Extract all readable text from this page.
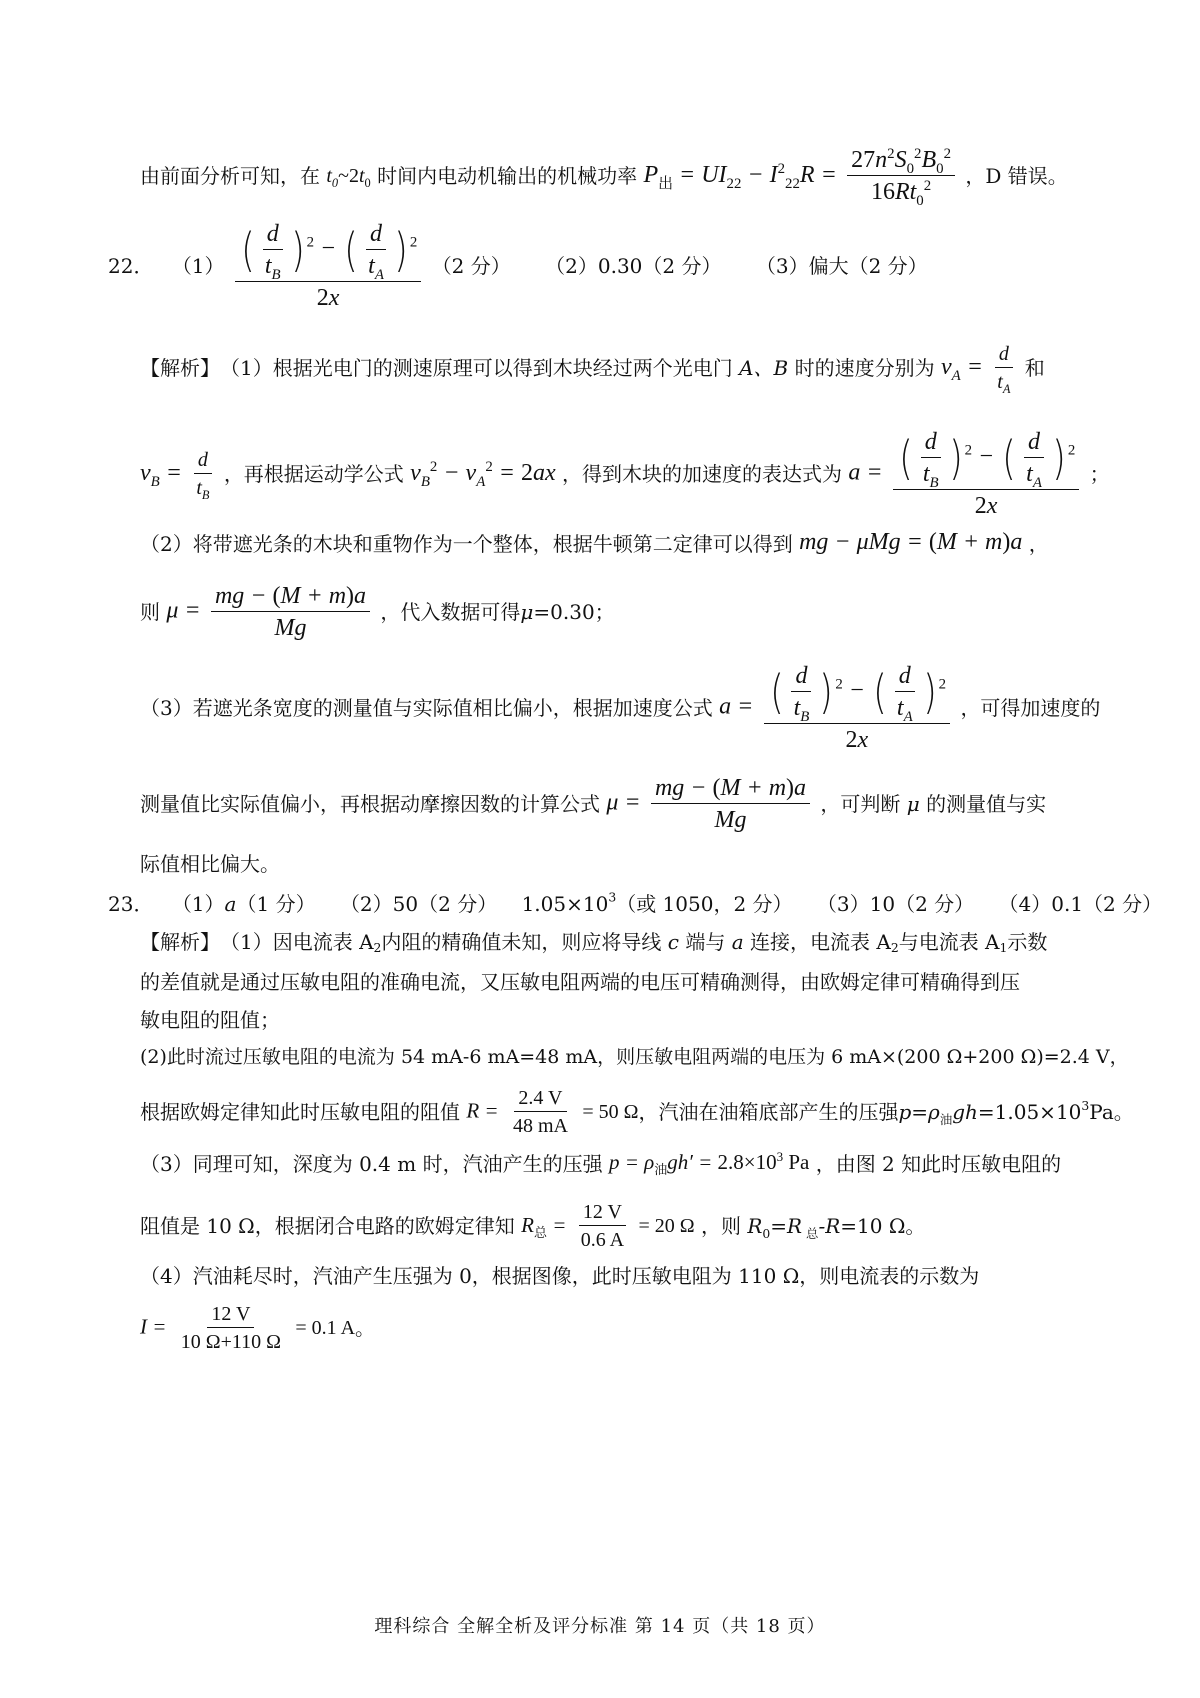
由前面分析可知，在 $t_0\sim 2t_0$ 时间内电动机输出的机械功率 $P_出 = UI_{22} - I^2_{22}R = \frac{27n^2S_0^2B_0^2}{16Rt_0^2}$ ，D 错误。
22． $(1) \frac{( \frac{d}{t_B} ) ^2 - ( \frac{d}{t_A} ) ^2}{2x} (2$ 分） （2）0.30（2 分） （3）偏大（2 分）
【解析】（1）根据光电门的测速原理可以得到木块经过两个光电门 A、B 时的速度分别为 $v_A = \frac{d}{t_A}$ 和
$v_B = \frac{d}{t_B}$ ，再根据运动学公式 $v_B^2 - v_A^2 = 2ax$ ，得到木块的加速度的表达式为 $a = \frac{( \frac{d}{t_B} ) ^2 - ( \frac{d}{t_A} ) ^2}{2x}$ ；
（2）将带遮光条的木块和重物作为一个整体，根据牛顿第二定律可以得到 mg − μMg = (M + m)a ，
则 $\mu = \frac{mg - (M + m)a}{Mg}$ ，代入数据可得μ=0.30；
（3）若遮光条宽度的测量值与实际值相比偏小，根据加速度公式 $a = \frac{( \frac{d}{t_B} ) ^2 - ( \frac{d}{t_A} ) ^2}{2x}$ ，可得加速度的
测量值比实际值偏小，再根据动摩擦因数的计算公式 $\mu = \frac{mg - (M + m)a}{Mg}$ ，可判断 μ 的测量值与实
际值相比偏大。
23． （1）a（1 分） （2）50（2 分） $1.05\times 10^3$（或 1050，2 分） （3）10（2 分） （4）0.1（2 分）
【解析】（1）因电流表 $A_2$内阻的精确值未知，则应将导线 c 端与 a 连接，电流表 $A_2$与电流表 $A_1$示数
的差值就是通过压敏电阻的准确电流，又压敏电阻两端的电压可精确测得，由欧姆定律可精确得到压
敏电阻的阻值；
(2)此时流过压敏电阻的电流为 54 mA-6 mA=48 mA，则压敏电阻两端的电压为 6 mA×(200 Ω+200 Ω)=2.4 V，
根据欧姆定律知此时压敏电阻的阻值 $R = \frac{2.4 V}{48 mA} = 50$ Ω，汽油在油箱底部产生的压强$p=\rho_油gh=1.05\times 10^3Pa$。
（3）同理可知，深度为 0.4 m 时，汽油产生的压强 $p = \rho_油gh' = 2.8\times 10^3$ Pa ，由图 2 知此时压敏电阻的
阻值是 10 Ω，根据闭合电路的欧姆定律知 $R_总 = \frac{12 V}{0.6 A} = 20$ Ω ，则 $R_0=R$ $_总$-R=10 Ω。
（4）汽油耗尽时，汽油产生压强为 0，根据图像，此时压敏电阻为 110 Ω，则电流表的示数为
$I = \frac{12 V}{10 \Omega+110 \Omega} = 0.1$ A。
理科综合 全解全析及评分标准 第 14 页（共 18 页）
